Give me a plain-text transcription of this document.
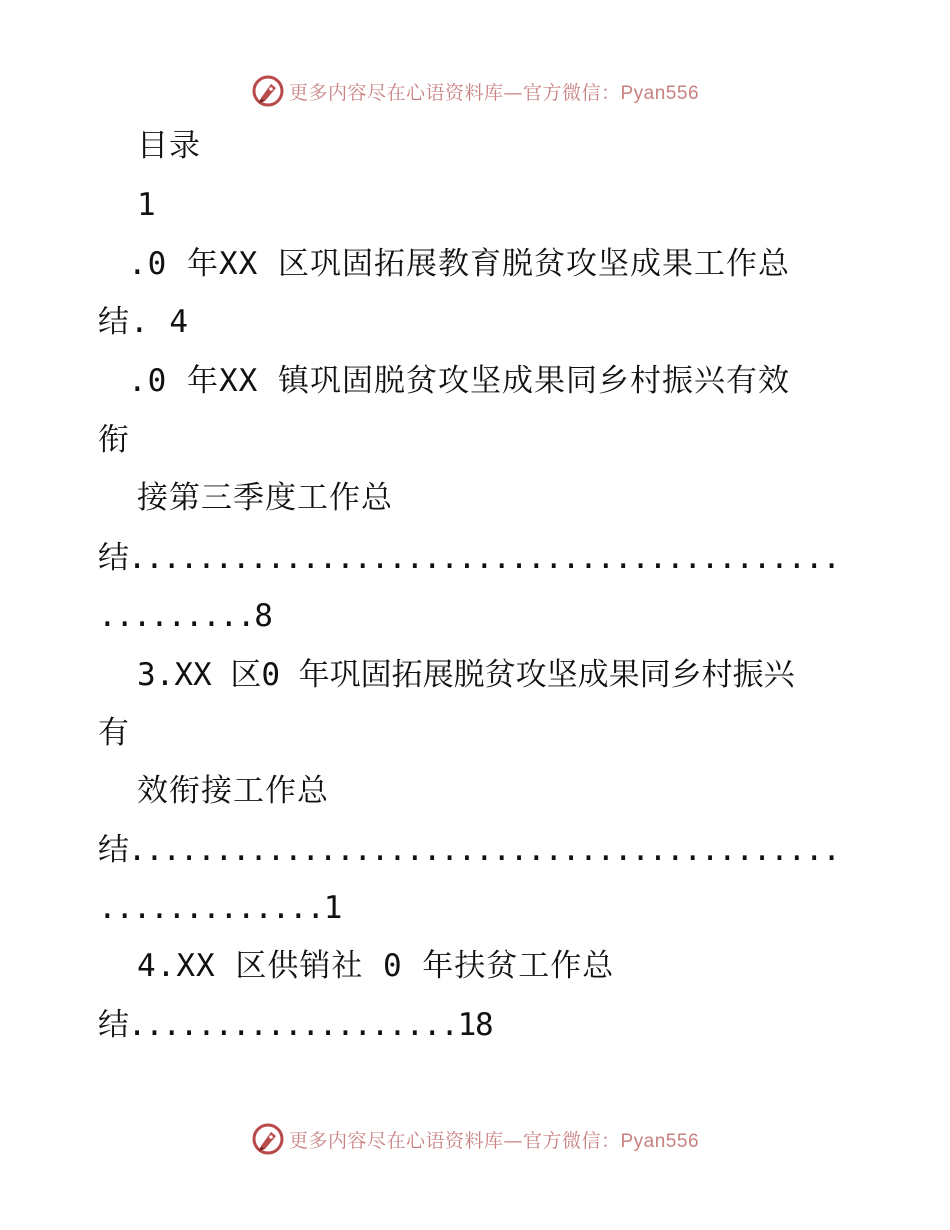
更多内容尽在心语资料库—官方微信：Pyan556
目录
1
.0 年XX 区巩固拓展教育脱贫攻坚成果工作总
结. 4
.0 年XX 镇巩固脱贫攻坚成果同乡村振兴有效
衔
接第三季度工作总
结.........................................
.........8
3.XX 区0 年巩固拓展脱贫攻坚成果同乡村振兴
有
效衔接工作总
结.........................................
.............1
4.XX 区供销社 0 年扶贫工作总
结...................18
更多内容尽在心语资料库—官方微信：Pyan556
